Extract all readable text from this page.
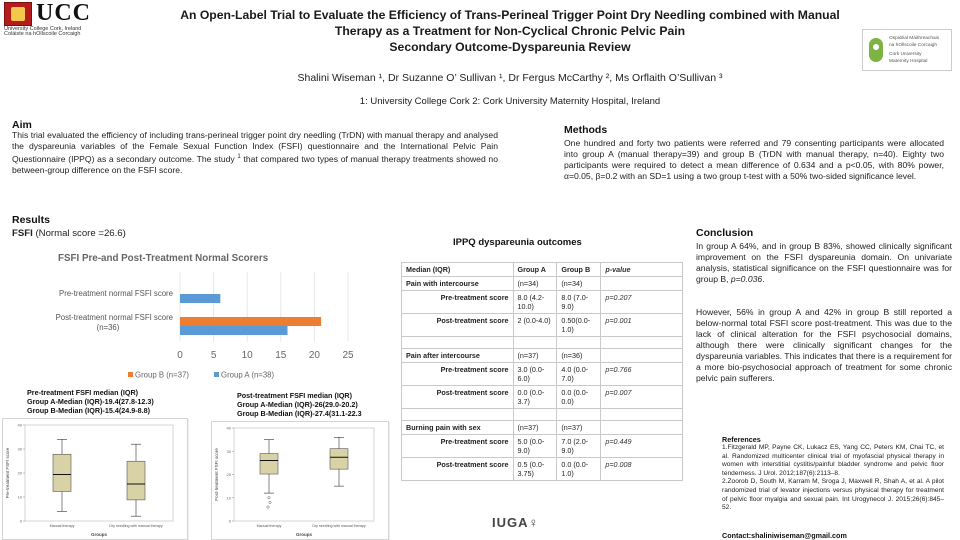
UCC
University College Cork, Ireland
Coláiste na hOllscoile Corcaigh
An Open-Label Trial to Evaluate the Efficiency of Trans-Perineal Trigger Point Dry Needling combined with Manual
Therapy as a Treatment for Non-Cyclical Chronic Pelvic Pain
Secondary Outcome-Dyspareunia Review
Ospidéal Máithreachais
na hOllscoile Corcaigh
Cork University
Maternity Hospital
Shalini Wiseman ¹, Dr Suzanne O’ Sullivan ¹, Dr Fergus McCarthy ², Ms Orflaith O’Sullivan ³
1: University College Cork 2: Cork University Maternity Hospital, Ireland
Aim

This trial evaluated the efficiency of including trans-perineal trigger point dry needling (TrDN) with manual therapy and analysed the dyspareunia variables of the Female Sexual Function Index (FSFI) questionnaire and the International Pelvic Pain Questionnaire (IPPQ) as a secondary outcome. The study $^1$ that compared two types of manual therapy treatments showed no between-group difference on the FSFI score.

Results
FSFI (Normal score =26.6)
FSFI Pre-and Post-Treatment Normal Scorers
0	5	10 15 20 25
Pre-treatment normal FSFI score
Post-treatment normal FSFI score
(n=36)
Group B (n=37)	Group A (n=38)
Pre-treatment FSFI median (IQR)
Group A-Median (IQR)-19.4(27.8-12.3)
Group B-Median (IQR)-15.4(24.9-8.8)
0
10
20
30
40
Pre-treatment FSFI score
Groups
Manual therapy	Dry needling with manual therapy
Post-treatment FSFI median (IQR)
Group A-Median (IQR)-26(29.0-20.2)
Group B-Median (IQR)-27.4(31.1-22.3
0
10
20
30
40
Post-treatment FSFI score
Groups
Manual therapy	Dry needling with manual therapy
Methods

One hundred and forty two patients were referred and 79 consenting participants were allocated into group A (manual therapy=39) and group B (TrDN with manual therapy, n=40). Eighty two participants were required to detect a mean difference of 0.634 and a p<0.05, with 80% power, α=0.05, β=0.2 with an SD=1 using a two group t-test with a 50% two-sided significance level.

IPPQ dyspareunia outcomes
Median (IQR)	Group A	Group B	p-value
Pain with intercourse	(n=34)	(n=34)	
Pre-treatment score	8.0 (4.2-10.0)	8.0 (7.0-9.0)	p=0.207
Post-treatment score	2 (0.0-4.0)	0.50(0.0-1.0)	p=0.001

Pain after intercourse	(n=37)	(n=36)	
Pre-treatment score	3.0 (0.0-6.0)	4.0 (0.0-7.0)	p=0.766
Post-treatment score	0.0 (0.0-3.7)	0.0 (0.0-0.0)	p=0.007

Burning pain with sex	(n=37)	(n=37)	
Pre-treatment score	5.0 (0.0-9.0)	7.0 (2.0-9.0)	p=0.449
Post-treatment score	0.5 (0.0-3.75)	0.0 (0.0-1.0)	p=0.008
IUGA♀
Conclusion

In group A 64%, and in group B 83%, showed clinically significant improvement on the FSFI dyspareunia domain. On univariate analysis, statistical significance on the FSFI questionnaire was for group B, p=0.036.

However, 56% in group A and 42% in group B still reported a below-normal total FSFI score post-treatment. This was due to the lack of clinical alteration for the FSFI psychosocial domains, although there were clinically significant changes for the dyspareunia variables. This indicates that there is a requirement for a more bio-psychosocial approach of treatment for some chronic pelvic pain sufferers.

References
1.Fitzgerald MP, Payne CK, Lukacz ES, Yang CC, Peters KM, Chai TC, et al. Randomized multicenter clinical trial of myofascial physical therapy in women with interstitial cystitis/painful bladder syndrome and pelvic floor tenderness. J Urol. 2012;187(6):2113–8.
2.Zoorob D, South M, Karram M, Sroga J, Maxwell R, Shah A, et al. A pilot randomized trial of levator injections versus physical therapy for treatment of pelvic floor myalgia and sexual pain. Int Urogynecol J. 2015;26(6):845–52.
Contact:shaliniwiseman@gmail.com
